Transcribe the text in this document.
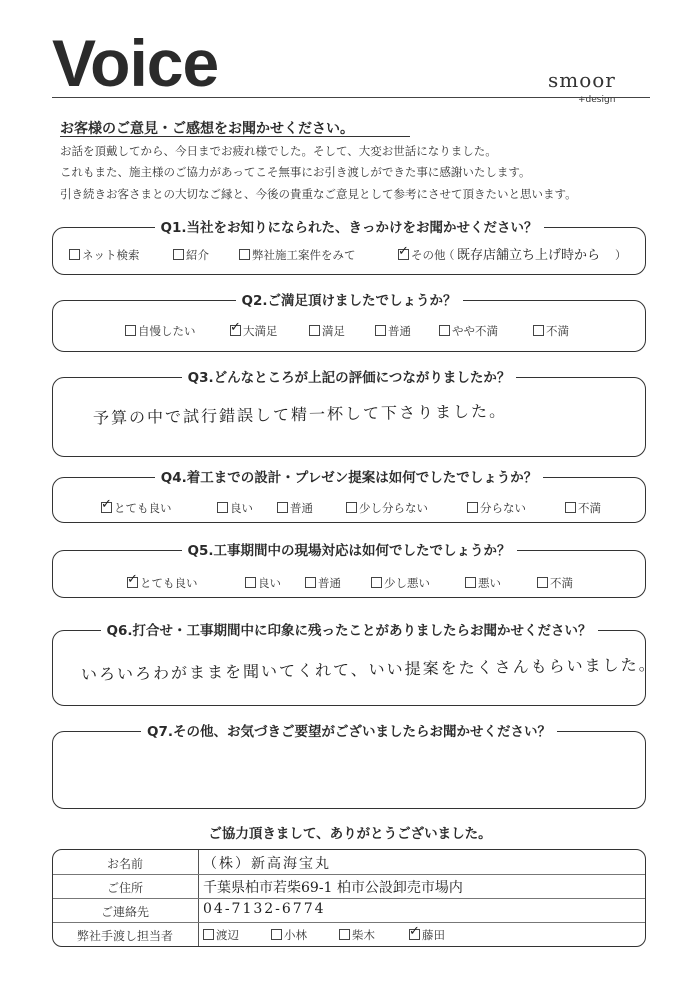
Voice	smoor
+design
お客様のご意見・ご感想をお聞かせください。
お話を頂戴してから、今日までお疲れ様でした。そして、大変お世話になりました。
これもまた、施主様のご協力があってこそ無事にお引き渡しができた事に感謝いたします。
引き続きお客さまとの大切なご縁と、今後の貴重なご意見として参考にさせて頂きたいと思います。
Q1.当社をお知りになられた、きっかけをお聞かせください？
ネット検索	紹介	弊社施工案件をみて	✓ その他
（ 既存店舗立ち上げ時から ）
Q2.ご満足頂けましたでしょうか？
自慢したい	✓ 大満足	満足	普通	やや不満	不満
Q3.どんなところが上記の評価につながりましたか？
予算の中で試行錯誤して精一杯して下さりました。
Q4.着工までの設計・プレゼン提案は如何でしたでしょうか？
✓ とても良い	良い	普通	少し分らない	分らない	不満
Q5.工事期間中の現場対応は如何でしたでしょうか？
✓ とても良い	良い	普通	少し悪い	悪い	不満
Q6.打合せ・工事期間中に印象に残ったことがありましたらお聞かせください？
いろいろわがままを聞いてくれて、いい提案をたくさんもらいました。
Q7.その他、お気づきご要望がございましたらお聞かせください？
ご協力頂きまして、ありがとうございました。
お名前	（株）新高海宝丸
ご住所	千葉県柏市若柴69-1 柏市公設卸売市場内
ご連絡先	04-7132-6774
弊社手渡し担当者	渡辺	小林	柴木	✓ 藤田
